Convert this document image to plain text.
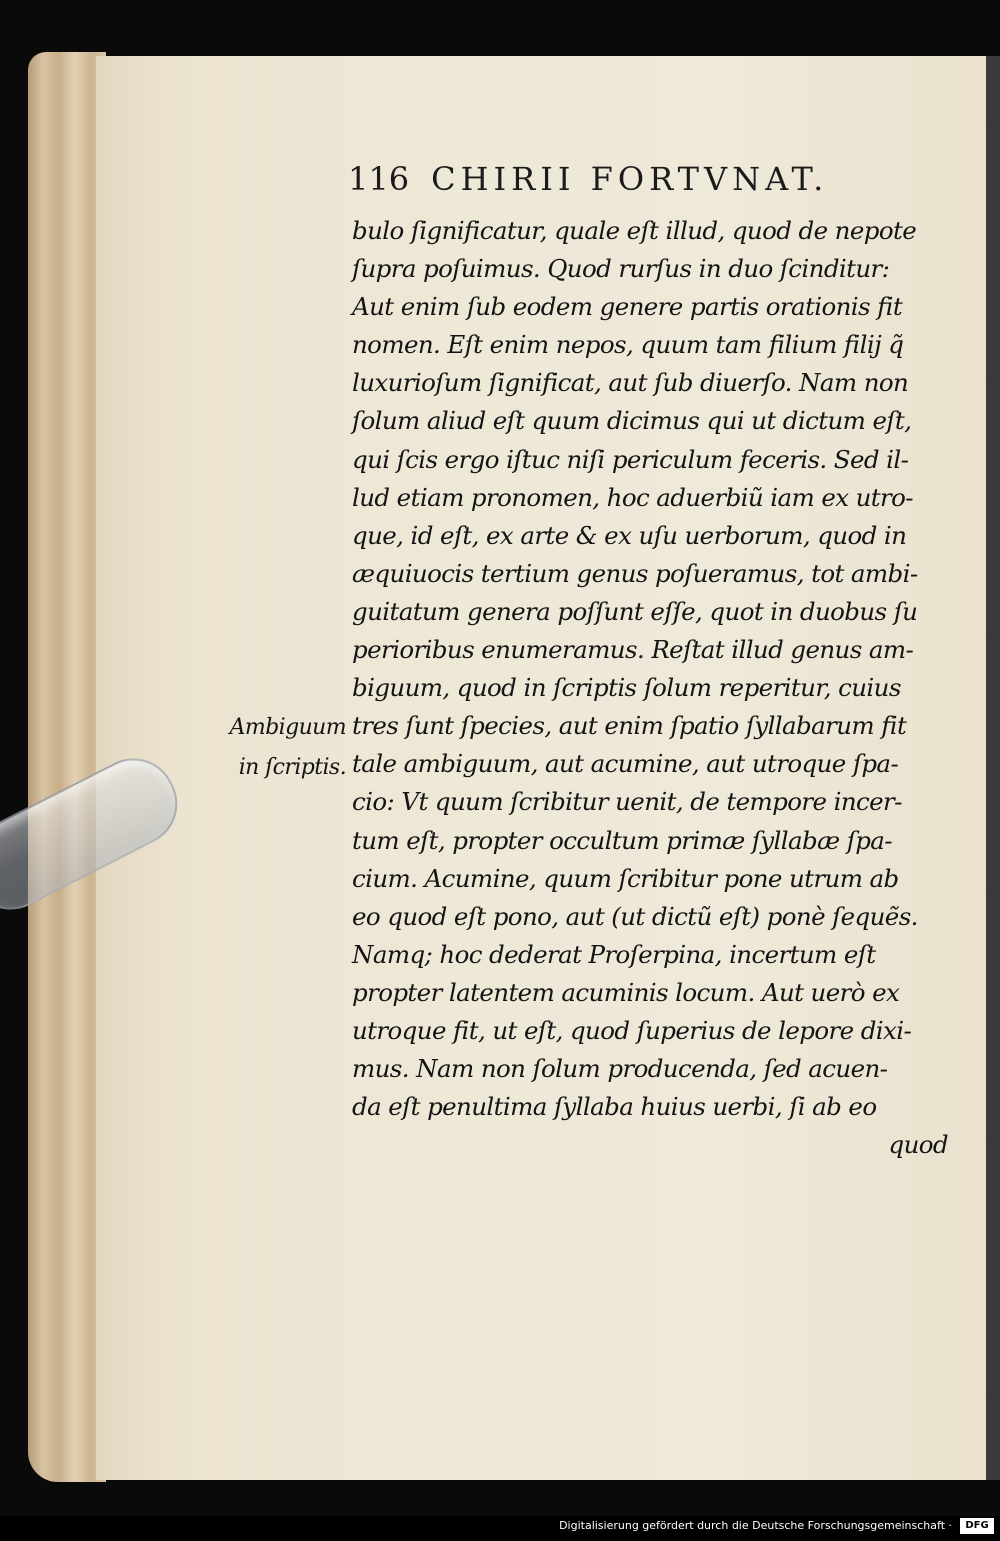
116 CHIRII FORTVNAT.
bulo ſignificatur, quale eſt illud, quod de nepote
ſupra poſuimus. Quod rurſus in duo ſcinditur:
Aut enim ſub eodem genere partis orationis fit
nomen. Eſt enim nepos, quum tam filium filij q̃
luxurioſum ſignificat, aut ſub diuerſo. Nam non
ſolum aliud eſt quum dicimus qui ut dictum eſt,
qui ſcis ergo iſtuc niſi periculum feceris. Sed il-
lud etiam pronomen, hoc aduerbiũ iam ex utro-
que, id eſt, ex arte & ex uſu uerborum, quod in
æquiuocis tertium genus poſueramus, tot ambi-
guitatum genera poſſunt eſſe, quot in duobus ſu
perioribus enumeramus. Reſtat illud genus am-
biguum, quod in ſcriptis ſolum reperitur, cuius
tres ſunt ſpecies, aut enim ſpatio ſyllabarum fit
tale ambiguum, aut acumine, aut utroque ſpa-
cio: Vt quum ſcribitur uenit, de tempore incer-
tum eſt, propter occultum primæ ſyllabæ ſpa-
cium. Acumine, quum ſcribitur pone utrum ab
eo quod eſt pono, aut (ut dictũ eſt) ponè ſequẽs.
Namq; hoc dederat Proſerpina, incertum eſt
propter latentem acuminis locum. Aut uerò ex
utroque fit, ut eſt, quod ſuperius de lepore dixi-
mus. Nam non ſolum producenda, ſed acuen-
da eſt penultima ſyllaba huius uerbi, ſi ab eo
quod
Ambiguum
in ſcriptis.
Digitalisierung gefördert durch die Deutsche Forschungsgemeinschaft ·	DFG
